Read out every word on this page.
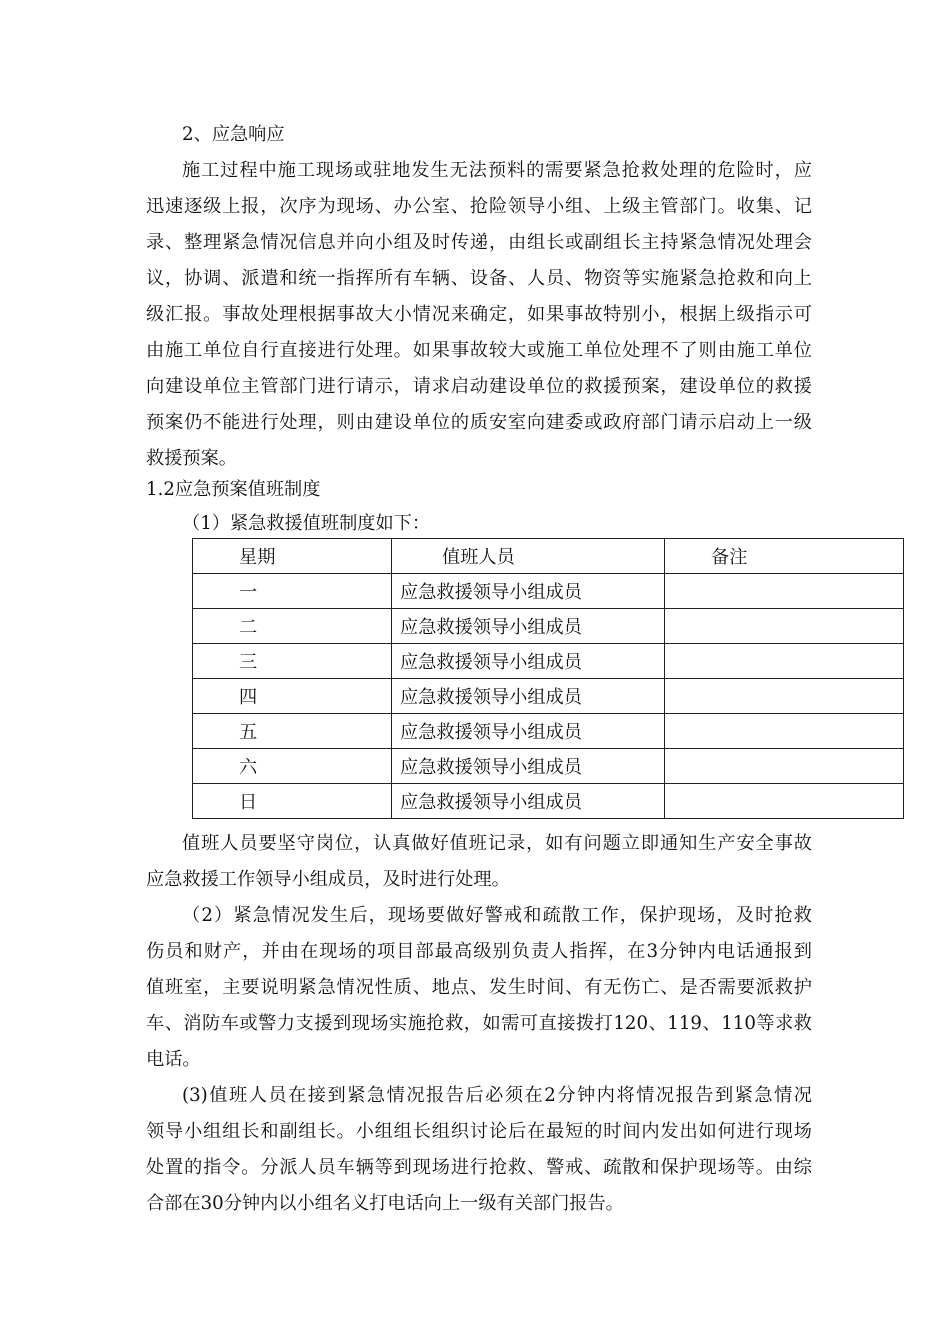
2、应急响应
施工过程中施工现场或驻地发生无法预料的需要紧急抢救处理的危险时，应
迅速逐级上报，次序为现场、办公室、抢险领导小组、上级主管部门。收集、记
录、整理紧急情况信息并向小组及时传递，由组长或副组长主持紧急情况处理会
议，协调、派遣和统一指挥所有车辆、设备、人员、物资等实施紧急抢救和向上
级汇报。事故处理根据事故大小情况来确定，如果事故特别小，根据上级指示可
由施工单位自行直接进行处理。如果事故较大或施工单位处理不了则由施工单位
向建设单位主管部门进行请示，请求启动建设单位的救援预案，建设单位的救援
预案仍不能进行处理，则由建设单位的质安室向建委或政府部门请示启动上一级
救援预案。
1.2应急预案值班制度
（1）紧急救援值班制度如下：
星期	值班人员	备注
一	应急救援领导小组成员	
二	应急救援领导小组成员	
三	应急救援领导小组成员	
四	应急救援领导小组成员	
五	应急救援领导小组成员	
六	应急救援领导小组成员	
日	应急救援领导小组成员	
值班人员要坚守岗位，认真做好值班记录，如有问题立即通知生产安全事故
应急救援工作领导小组成员，及时进行处理。
（2）紧急情况发生后，现场要做好警戒和疏散工作，保护现场，及时抢救
伤员和财产，并由在现场的项目部最高级别负责人指挥，在3分钟内电话通报到
值班室，主要说明紧急情况性质、地点、发生时间、有无伤亡、是否需要派救护
车、消防车或警力支援到现场实施抢救，如需可直接拨打120、119、110等求救
电话。
(3)值班人员在接到紧急情况报告后必须在2分钟内将情况报告到紧急情况
领导小组组长和副组长。小组组长组织讨论后在最短的时间内发出如何进行现场
处置的指令。分派人员车辆等到现场进行抢救、警戒、疏散和保护现场等。由综
合部在30分钟内以小组名义打电话向上一级有关部门报告。
